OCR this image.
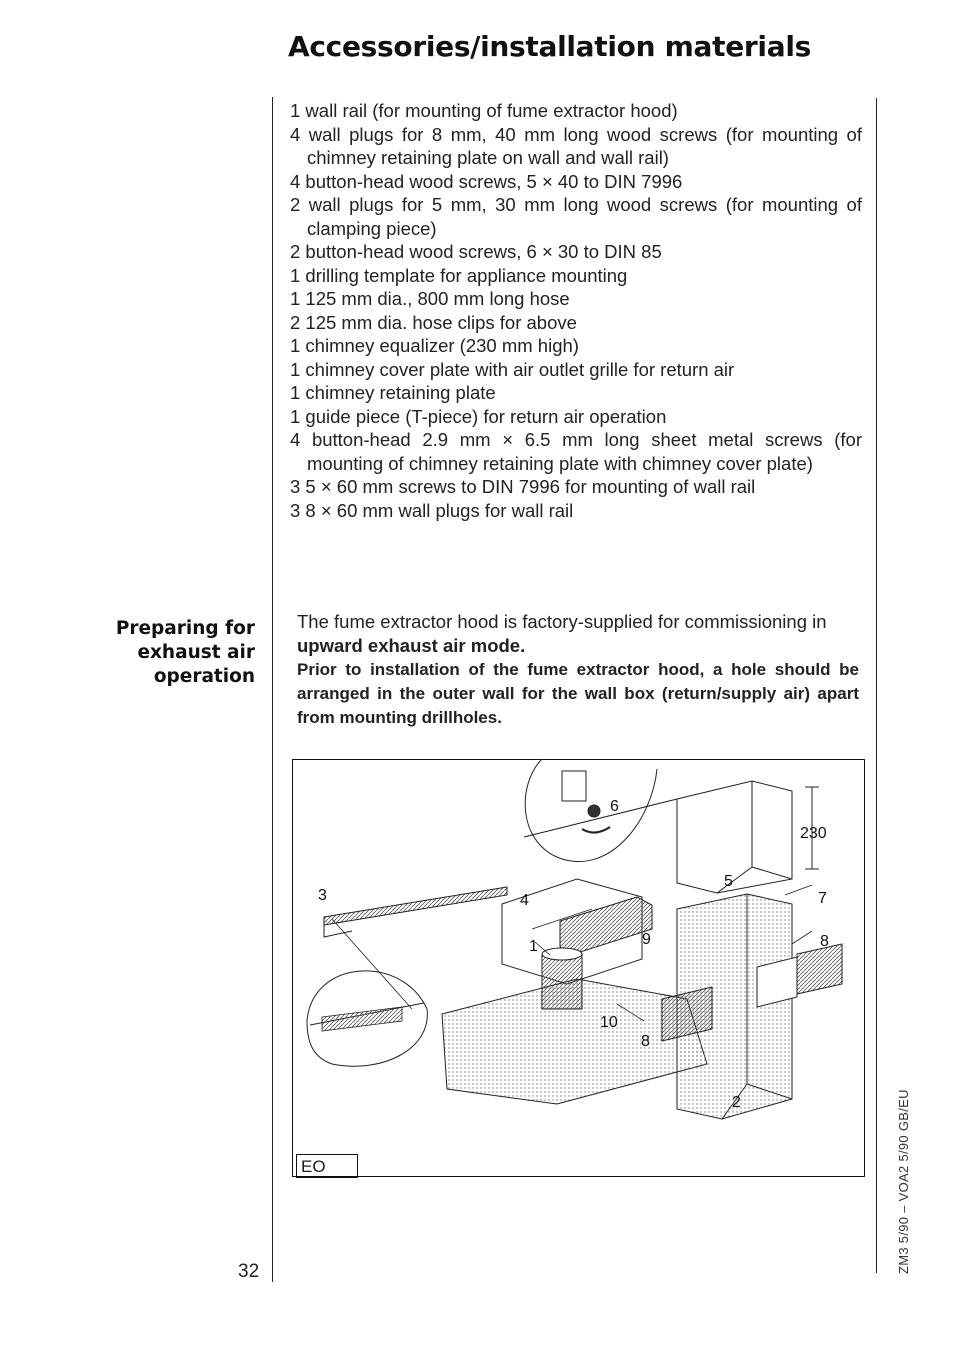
Accessories/installation materials
1 wall rail (for mounting of fume extractor hood)
4 wall plugs for 8 mm, 40 mm long wood screws (for mounting of chimney retaining plate on wall and wall rail)
4 button-head wood screws, 5 × 40 to DIN 7996
2 wall plugs for 5 mm, 30 mm long wood screws (for mounting of clamping piece)
2 button-head wood screws, 6 × 30 to DIN 85
1 drilling template for appliance mounting
1 125 mm dia., 800 mm long hose
2 125 mm dia. hose clips for above
1 chimney equalizer (230 mm high)
1 chimney cover plate with air outlet grille for return air
1 chimney retaining plate
1 guide piece (T-piece) for return air operation
4 button-head 2.9 mm × 6.5 mm long sheet metal screws (for mounting of chimney retaining plate with chimney cover plate)
3 5 × 60 mm screws to DIN 7996 for mounting of wall rail
3 8 × 60 mm wall plugs for wall rail
Preparing for exhaust air operation

The fume extractor hood is factory-supplied for commissioning in upward exhaust air mode.

Prior to installation of the fume extractor hood, a hole should be arranged in the outer wall for the wall box (return/supply air) apart from mounting drillholes.

1
2
3	4
5
6
7
8
8
9
10
230
EO
32	ZM3 5/90 – VOA2 5/90 GB/EU
